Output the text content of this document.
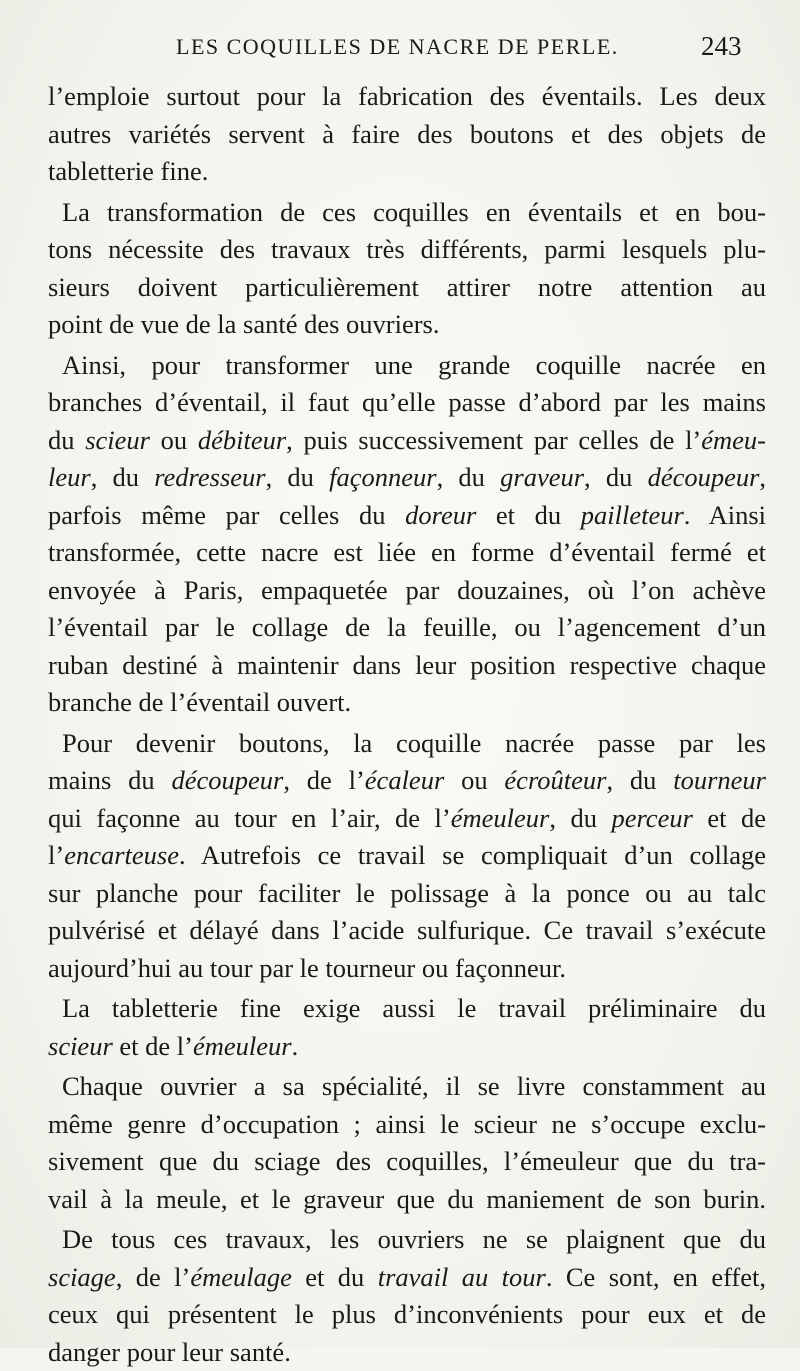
LES COQUILLES DE NACRE DE PERLE.	243
l’emploie surtout pour la fabrication des éventails. Les deux
autres variétés servent à faire des boutons et des objets de
tabletterie fine.
La transformation de ces coquilles en éventails et en bou-
tons nécessite des travaux très différents, parmi lesquels plu-
sieurs doivent particulièrement attirer notre attention au
point de vue de la santé des ouvriers.
Ainsi, pour transformer une grande coquille nacrée en
branches d’éventail, il faut qu’elle passe d’abord par les mains
du scieur ou débiteur, puis successivement par celles de l’émeu-
leur, du redresseur, du façonneur, du graveur, du découpeur,
parfois même par celles du doreur et du pailleteur. Ainsi
transformée, cette nacre est liée en forme d’éventail fermé et
envoyée à Paris, empaquetée par douzaines, où l’on achève
l’éventail par le collage de la feuille, ou l’agencement d’un
ruban destiné à maintenir dans leur position respective chaque
branche de l’éventail ouvert.
Pour devenir boutons, la coquille nacrée passe par les
mains du découpeur, de l’écaleur ou écroûteur, du tourneur
qui façonne au tour en l’air, de l’émeuleur, du perceur et de
l’encarteuse. Autrefois ce travail se compliquait d’un collage
sur planche pour faciliter le polissage à la ponce ou au talc
pulvérisé et délayé dans l’acide sulfurique. Ce travail s’exécute
aujourd’hui au tour par le tourneur ou façonneur.
La tabletterie fine exige aussi le travail préliminaire du
scieur et de l’émeuleur.
Chaque ouvrier a sa spécialité, il se livre constamment au
même genre d’occupation ; ainsi le scieur ne s’occupe exclu-
sivement que du sciage des coquilles, l’émeuleur que du tra-
vail à la meule, et le graveur que du maniement de son burin.
De tous ces travaux, les ouvriers ne se plaignent que du
sciage, de l’émeulage et du travail au tour. Ce sont, en effet,
ceux qui présentent le plus d’inconvénients pour eux et de
danger pour leur santé.
